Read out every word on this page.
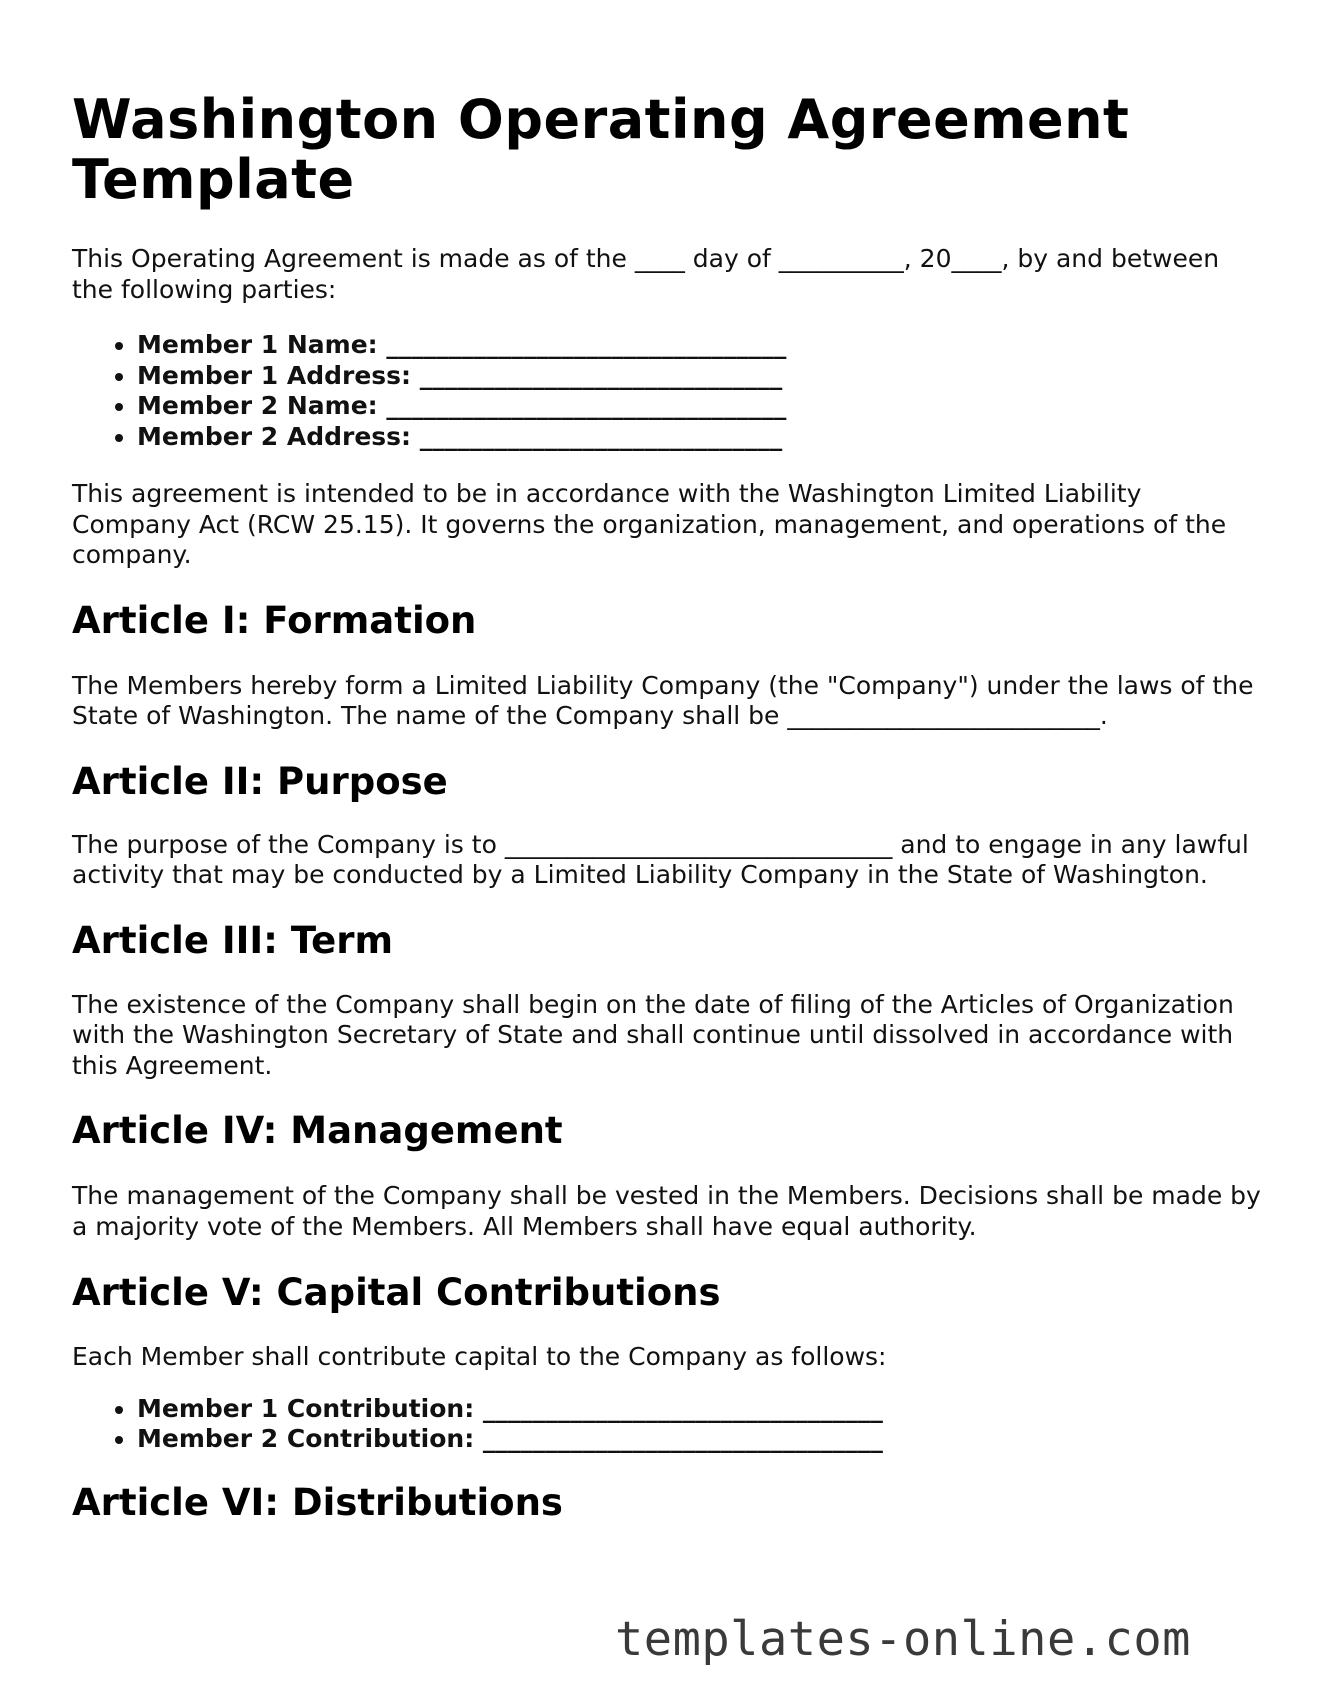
Washington Operating Agreement Template

This Operating Agreement is made as of the ____ day of __________, 20____, by and between the following parties:

• Member 1 Name: ________________________________
• Member 1 Address: _____________________________
• Member 2 Name: ________________________________
• Member 2 Address: _____________________________

This agreement is intended to be in accordance with the Washington Limited Liability Company Act (RCW 25.15). It governs the organization, management, and operations of the company.

Article I: Formation

The Members hereby form a Limited Liability Company (the "Company") under the laws of the State of Washington. The name of the Company shall be _________________________.

Article II: Purpose

The purpose of the Company is to _______________________________ and to engage in any lawful activity that may be conducted by a Limited Liability Company in the State of Washington.

Article III: Term

The existence of the Company shall begin on the date of filing of the Articles of Organization with the Washington Secretary of State and shall continue until dissolved in accordance with this Agreement.

Article IV: Management

The management of the Company shall be vested in the Members. Decisions shall be made by a majority vote of the Members. All Members shall have equal authority.

Article V: Capital Contributions

Each Member shall contribute capital to the Company as follows:

• Member 1 Contribution: ________________________________
• Member 2 Contribution: ________________________________
Article VI: Distributions
templates-online.com
